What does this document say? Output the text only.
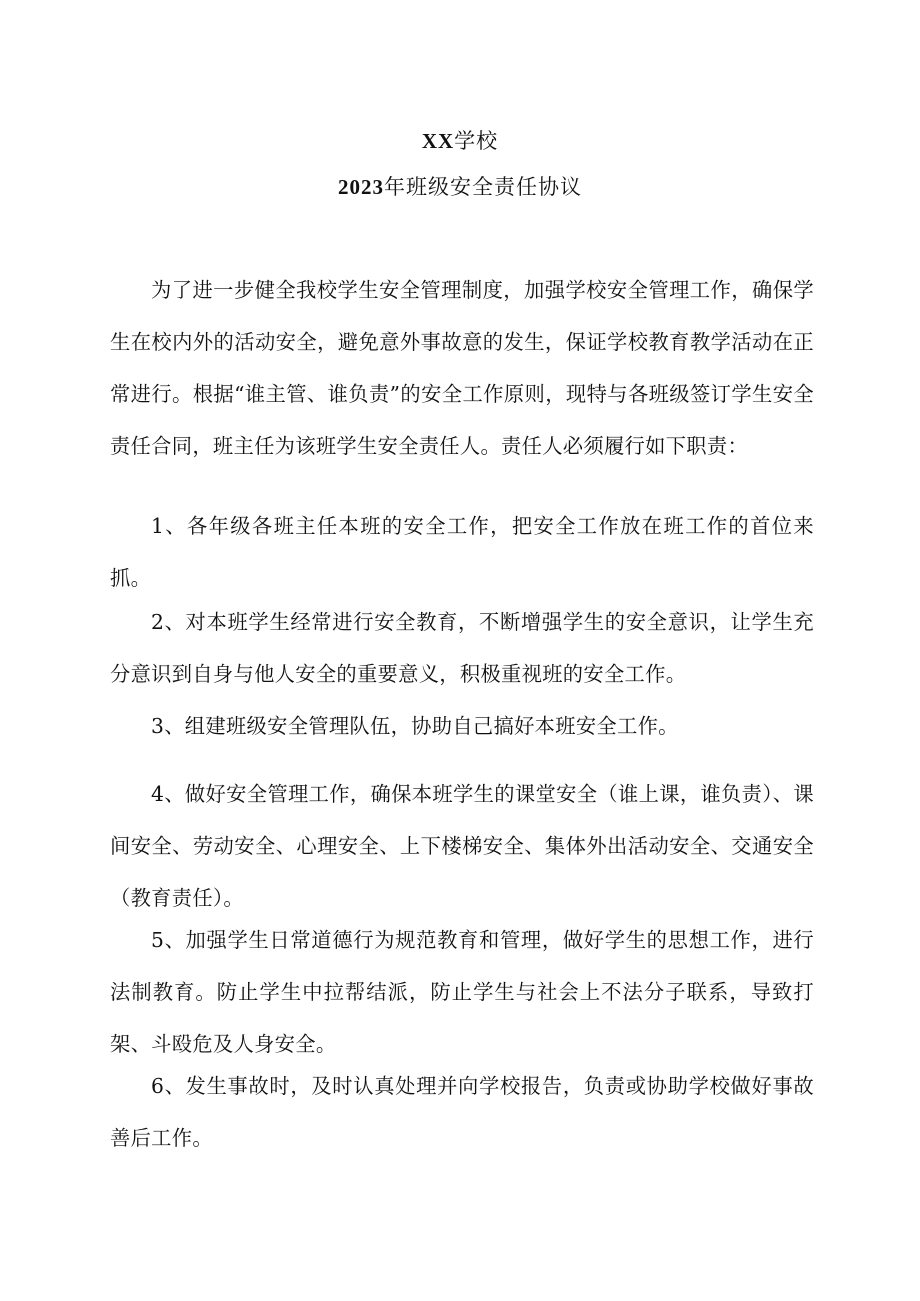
XX学校
2023年班级安全责任协议

为了进一步健全我校学生安全管理制度，加强学校安全管理工作，确保学生在校内外的活动安全，避免意外事故意的发生，保证学校教育教学活动在正常进行。根据“谁主管、谁负责”的安全工作原则，现特与各班级签订学生安全责任合同，班主任为该班学生安全责任人。责任人必须履行如下职责：

1、各年级各班主任本班的安全工作，把安全工作放在班工作的首位来抓。

2、对本班学生经常进行安全教育，不断增强学生的安全意识，让学生充分意识到自身与他人安全的重要意义，积极重视班的安全工作。

3、组建班级安全管理队伍，协助自己搞好本班安全工作。

4、做好安全管理工作，确保本班学生的课堂安全（谁上课，谁负责）、课间安全、劳动安全、心理安全、上下楼梯安全、集体外出活动安全、交通安全（教育责任）。

5、加强学生日常道德行为规范教育和管理，做好学生的思想工作，进行法制教育。防止学生中拉帮结派，防止学生与社会上不法分子联系，导致打架、斗殴危及人身安全。

6、发生事故时，及时认真处理并向学校报告，负责或协助学校做好事故善后工作。
